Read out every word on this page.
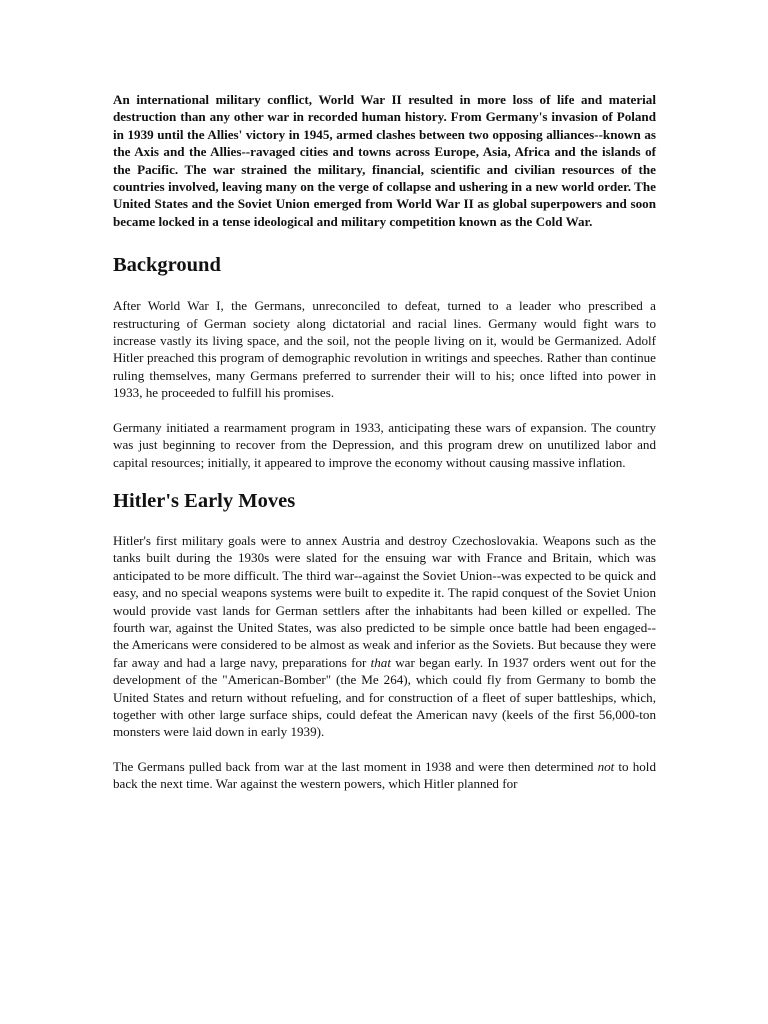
An international military conflict, World War II resulted in more loss of life and material destruction than any other war in recorded human history. From Germany's invasion of Poland in 1939 until the Allies' victory in 1945, armed clashes between two opposing alliances--known as the Axis and the Allies--ravaged cities and towns across Europe, Asia, Africa and the islands of the Pacific. The war strained the military, financial, scientific and civilian resources of the countries involved, leaving many on the verge of collapse and ushering in a new world order. The United States and the Soviet Union emerged from World War II as global superpowers and soon became locked in a tense ideological and military competition known as the Cold War.

Background

After World War I, the Germans, unreconciled to defeat, turned to a leader who prescribed a restructuring of German society along dictatorial and racial lines. Germany would fight wars to increase vastly its living space, and the soil, not the people living on it, would be Germanized. Adolf Hitler preached this program of demographic revolution in writings and speeches. Rather than continue ruling themselves, many Germans preferred to surrender their will to his; once lifted into power in 1933, he proceeded to fulfill his promises.

Germany initiated a rearmament program in 1933, anticipating these wars of expansion. The country was just beginning to recover from the Depression, and this program drew on unutilized labor and capital resources; initially, it appeared to improve the economy without causing massive inflation.

Hitler's Early Moves

Hitler's first military goals were to annex Austria and destroy Czechoslovakia. Weapons such as the tanks built during the 1930s were slated for the ensuing war with France and Britain, which was anticipated to be more difficult. The third war--against the Soviet Union--was expected to be quick and easy, and no special weapons systems were built to expedite it. The rapid conquest of the Soviet Union would provide vast lands for German settlers after the inhabitants had been killed or expelled. The fourth war, against the United States, was also predicted to be simple once battle had been engaged--the Americans were considered to be almost as weak and inferior as the Soviets. But because they were far away and had a large navy, preparations for that war began early. In 1937 orders went out for the development of the "American-Bomber" (the Me 264), which could fly from Germany to bomb the United States and return without refueling, and for construction of a fleet of super battleships, which, together with other large surface ships, could defeat the American navy (keels of the first 56,000-ton monsters were laid down in early 1939).

The Germans pulled back from war at the last moment in 1938 and were then determined not to hold back the next time. War against the western powers, which Hitler planned for
